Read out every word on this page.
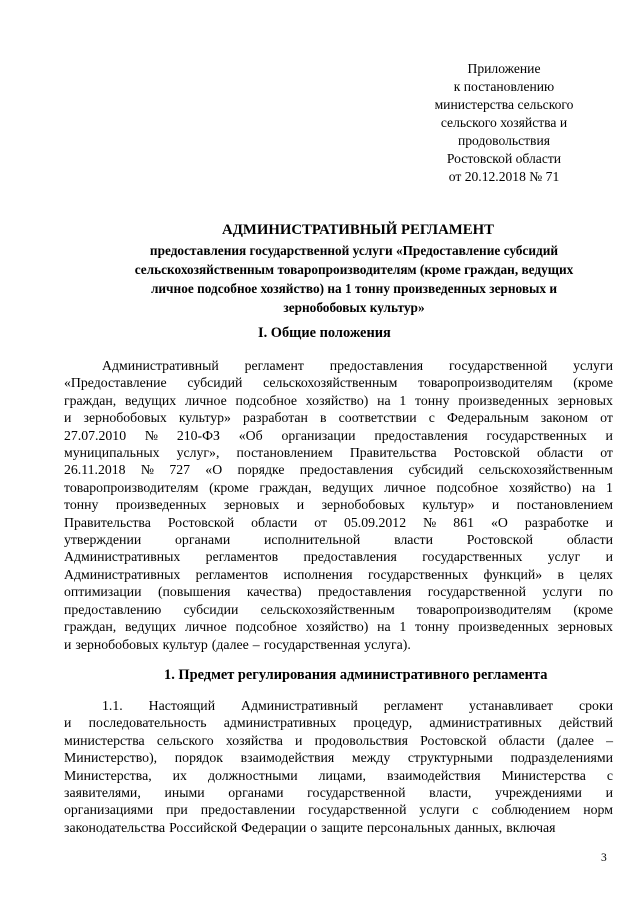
Приложение
к постановлению
министерства сельского
сельского хозяйства и
продовольствия
Ростовской области
от 20.12.2018 № 71
АДМИНИСТРАТИВНЫЙ РЕГЛАМЕНТ
предоставления государственной услуги «Предоставление субсидий
сельскохозяйственным товаропроизводителям (кроме граждан, ведущих
личное подсобное хозяйство) на 1 тонну произведенных зерновых и
зернобобовых культур»
I. Общие положения
Административный регламент предоставления государственной услуги
«Предоставление субсидий сельскохозяйственным товаропроизводителям (кроме
граждан, ведущих личное подсобное хозяйство) на 1 тонну произведенных зерновых
и зернобобовых культур» разработан в соответствии с Федеральным законом от
27.07.2010 № 210-ФЗ «Об организации предоставления государственных и
муниципальных услуг», постановлением Правительства Ростовской области от
26.11.2018 № 727 «О порядке предоставления субсидий сельскохозяйственным
товаропроизводителям (кроме граждан, ведущих личное подсобное хозяйство) на 1
тонну произведенных зерновых и зернобобовых культур» и постановлением
Правительства Ростовской области от 05.09.2012 № 861 «О разработке и
утверждении органами исполнительной власти Ростовской области
Административных регламентов предоставления государственных услуг и
Административных регламентов исполнения государственных функций» в целях
оптимизации (повышения качества) предоставления государственной услуги по
предоставлению субсидии сельскохозяйственным товаропроизводителям (кроме
граждан, ведущих личное подсобное хозяйство) на 1 тонну произведенных зерновых
и зернобобовых культур (далее – государственная услуга).
1. Предмет регулирования административного регламента
1.1. Настоящий Административный регламент устанавливает сроки
и последовательность административных процедур, административных действий
министерства сельского хозяйства и продовольствия Ростовской области (далее –
Министерство), порядок взаимодействия между структурными подразделениями
Министерства, их должностными лицами, взаимодействия Министерства с
заявителями, иными органами государственной власти, учреждениями и
организациями при предоставлении государственной услуги с соблюдением норм
законодательства Российской Федерации о защите персональных данных, включая
3
